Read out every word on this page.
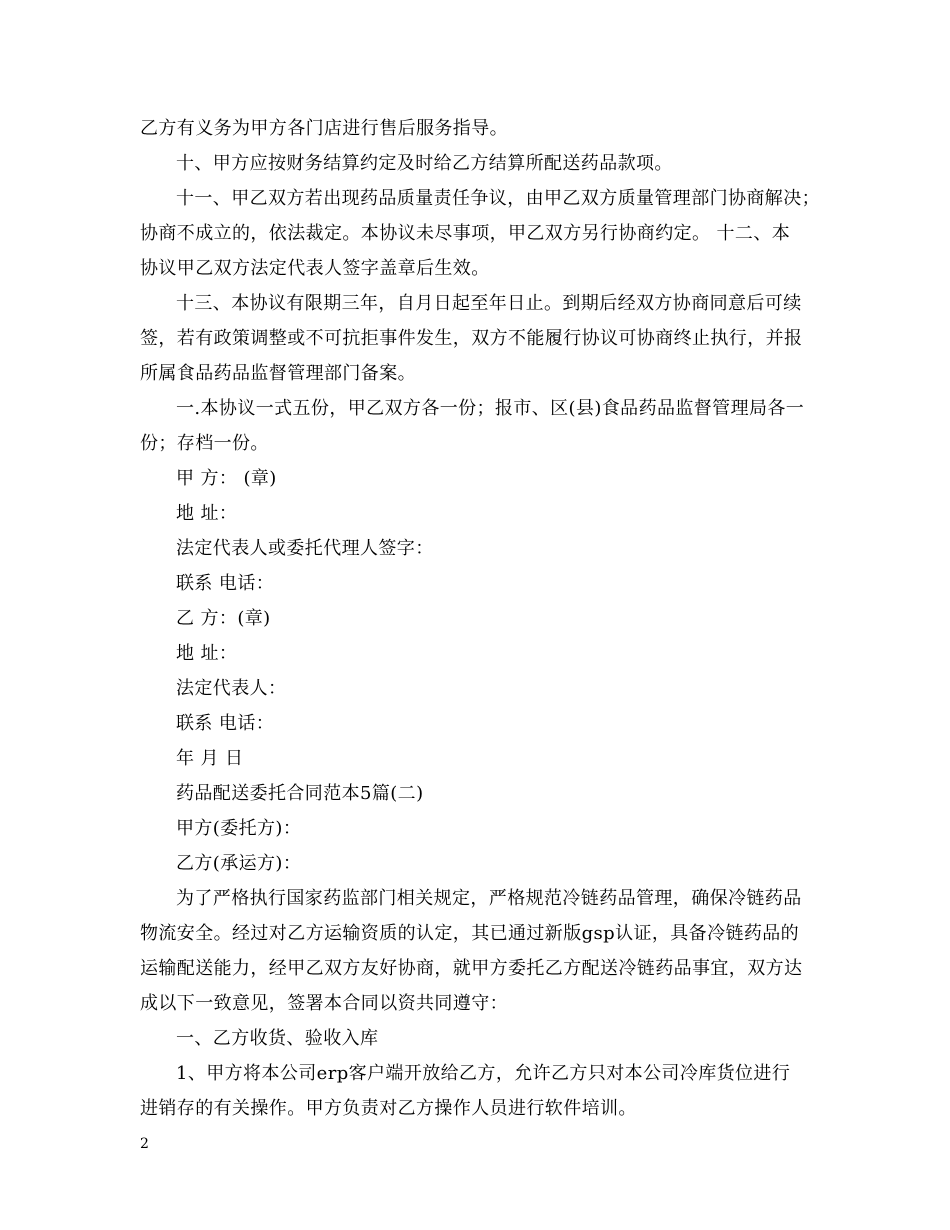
乙方有义务为甲方各门店进行售后服务指导。
十、甲方应按财务结算约定及时给乙方结算所配送药品款项。
十一、甲乙双方若出现药品质量责任争议，由甲乙双方质量管理部门协商解决；
协商不成立的，依法裁定。本协议未尽事项，甲乙双方另行协商约定。 十二、本
协议甲乙双方法定代表人签字盖章后生效。
十三、本协议有限期三年，自月日起至年日止。到期后经双方协商同意后可续
签，若有政策调整或不可抗拒事件发生，双方不能履行协议可协商终止执行，并报
所属食品药品监督管理部门备案。
一.本协议一式五份，甲乙双方各一份；报市、区(县)食品药品监督管理局各一
份；存档一份。
甲 方： (章)
地 址：
法定代表人或委托代理人签字：
联系 电话：
乙 方：(章)
地 址：
法定代表人：
联系 电话：
年 月 日
药品配送委托合同范本5篇(二)
甲方(委托方)：
乙方(承运方)：
为了严格执行国家药监部门相关规定，严格规范冷链药品管理，确保冷链药品
物流安全。经过对乙方运输资质的认定，其已通过新版gsp认证，具备冷链药品的
运输配送能力，经甲乙双方友好协商，就甲方委托乙方配送冷链药品事宜，双方达
成以下一致意见，签署本合同以资共同遵守：
一、乙方收货、验收入库
1、甲方将本公司erp客户端开放给乙方，允许乙方只对本公司冷库货位进行
进销存的有关操作。甲方负责对乙方操作人员进行软件培训。
2
